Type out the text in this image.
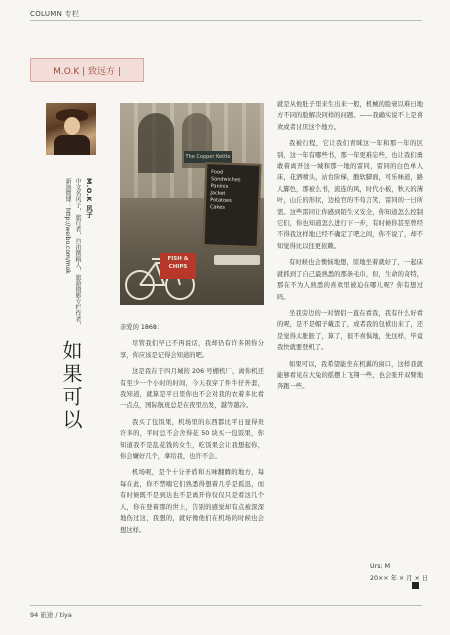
COLUMN 专栏
M.O.K | 致远方 |
M.O.K 风子
中文名风子，旅行者，自由撰稿人，旅游摄影专栏作者，
新浪微博：http://weibo.com/mok
The Copper Kettle
Food
Sandwiches
Paninis
Jacket
Potatoes
Cakes
FISH &
CHIPS
如果可以

亲爱的 1868：

尽管我们早已不再说话，我却仍有许多困你分享，你应该是记得会知道的吧。

这是我在于四月城的 206 号棚机厂，离你机还有至少一个小时的时间，今天我穿了件牛仔外套，我知道，就算是平日里你也不会对我的衣着多比看一点点，国际航班总是在夜里出发，越等越冷。

我买了包饭果，机场里的东西都比平日显得贵许多的，平时总不会舍得花 50 块买一包饭果，你知道我不是乱花钱的女生，吃饭果会让我想起你，你会嫌好几个，拿给我，也许不会。

机场呢，是个十分矛盾和五味翻腾的地方，每每在此，你不禁嗨它们熟悉得想着几乎是孤迅，而有时候既不是到达也不是离开你仅仅只是看这几个人，你在登着那的世上，告别的感觉却有点被深深地伤过这，我想的，就好像他们在机场的时候也会想这样。

就是从他肚子里来生出来一般，机械的脸衰以难日地方不同的脸解决同样的问题。——我确实说不上是喜欢或者讨厌这个地方。

我被行程，它让我们青睐这一年和那一年的区别，这一年有哪些书，那一年更难忘些，也让我们勇敢着离开这一城和那一地的雷同，雷同的白色单人床，花洒喷头，站台阶梯，酸软脚面，可乐味道，路人脚色，那被么书，流连的风，时代小板，秋天的薄叶，山丘的形状，边检官的不苟言笑，雷同的一日所需。这些雷同让你感到陌生又安全，你知道怎么控制它们，你也知道怎么进行下一步，有时候你甚至曾经不得我这样地已经不确定了吧之间，你不说了，却不知觉得比以往更依赖。

有时候也会懊恼地想，原地坐着就好了，一起床就抓到了自己最熟悉的那条毛巾，但，生命的奇特，那在不为人熟悉的喜欢里被迫在哪儿呢？你有想过吗。

坐我旁边的一对情侣一直在看我，我有什么好看的呢，是不是帽子戴歪了，或者我的包袱出来了，还是觉得太胀胀了，算了，很不喜惧地，先这样，毕竟我快就要登机了。

如果可以，我希望能坐在机翼的窗口，这样我就能够看见在大兔的摇摆上飞翔一些，也会张开双臂地奔跑一些。

Urs: M
20×× 年 × 月 × 日
94 旅途 / tiya
